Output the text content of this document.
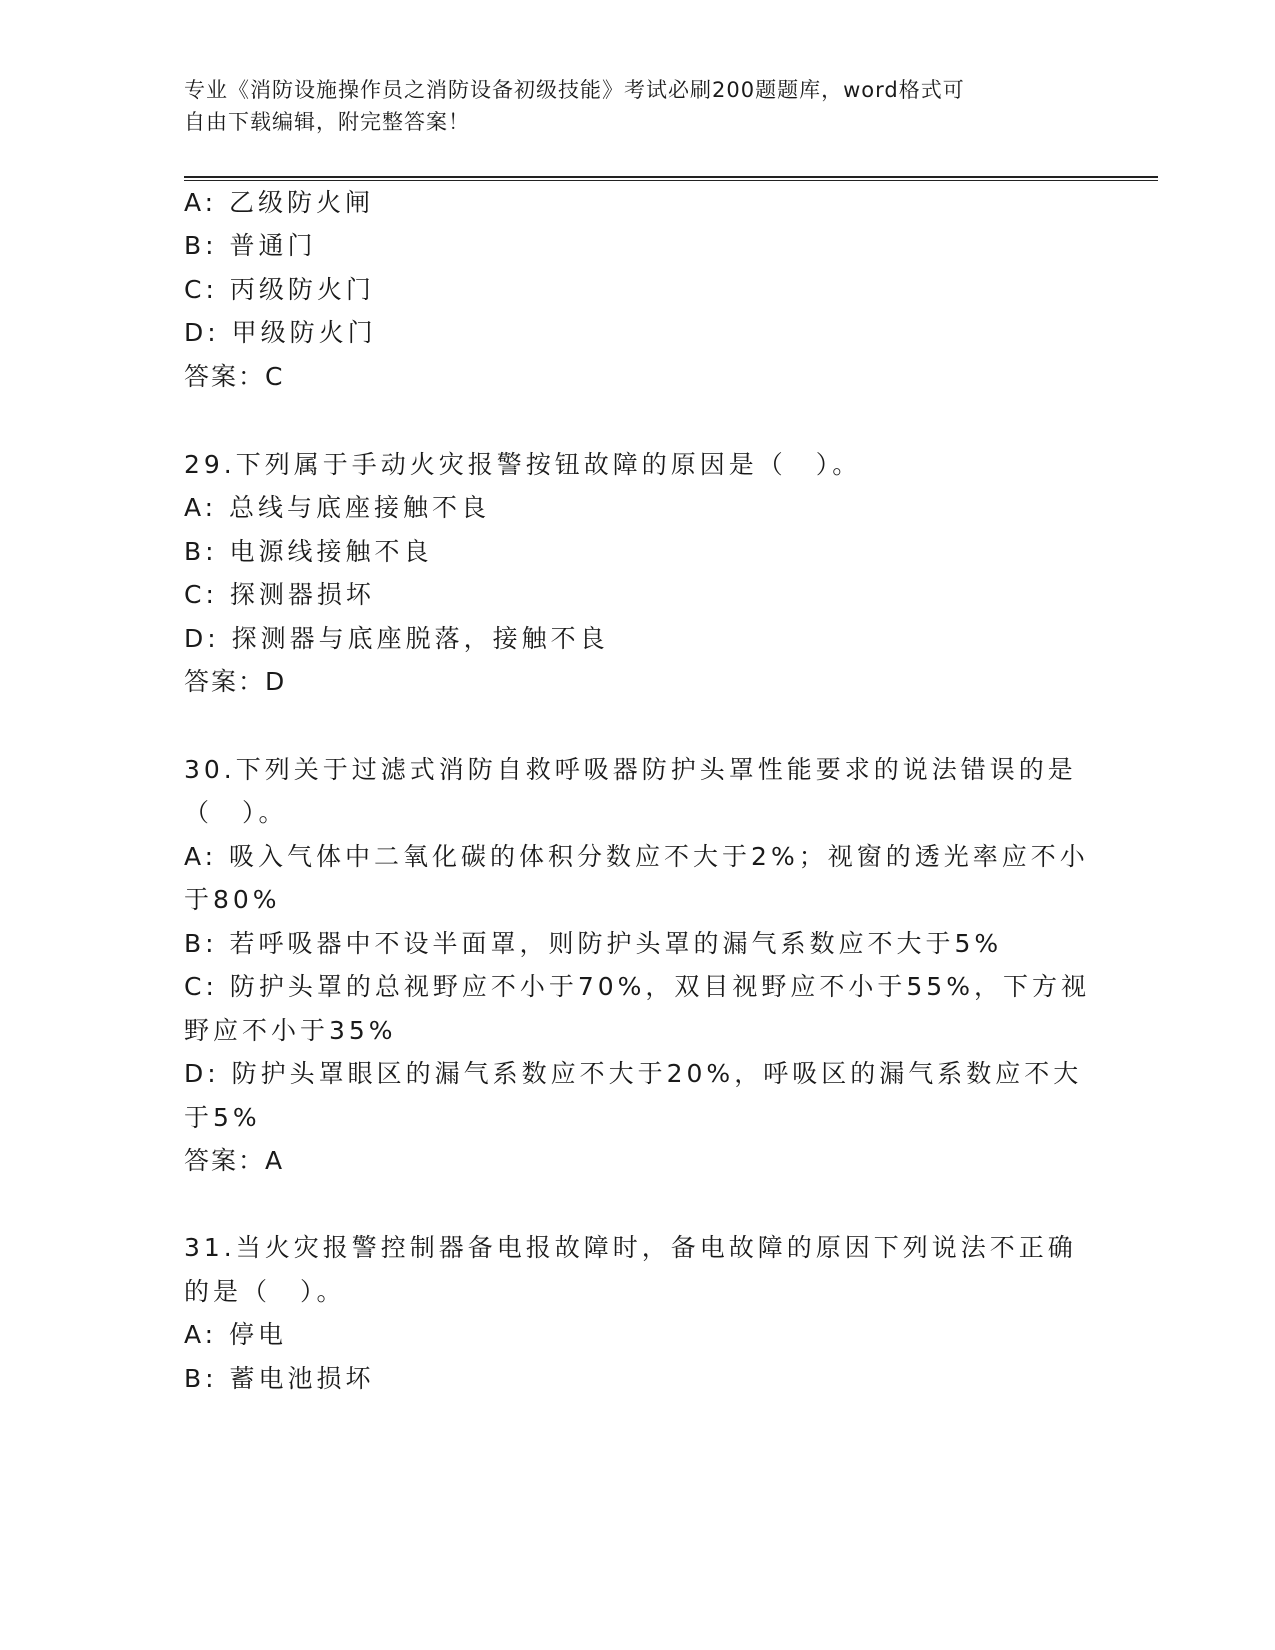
专业《消防设施操作员之消防设备初级技能》考试必刷200题题库，word格式可
自由下载编辑，附完整答案！
A: 乙级防火闸
B: 普通门
C: 丙级防火门
D: 甲级防火门
答案：C
29.下列属于手动火灾报警按钮故障的原因是（　）。
A: 总线与底座接触不良
B: 电源线接触不良
C: 探测器损坏
D: 探测器与底座脱落，接触不良
答案：D
30.下列关于过滤式消防自救呼吸器防护头罩性能要求的说法错误的是
（　）。
A: 吸入气体中二氧化碳的体积分数应不大于2%；视窗的透光率应不小
于80%
B: 若呼吸器中不设半面罩，则防护头罩的漏气系数应不大于5%
C: 防护头罩的总视野应不小于70%，双目视野应不小于55%，下方视
野应不小于35%
D: 防护头罩眼区的漏气系数应不大于20%，呼吸区的漏气系数应不大
于5%
答案：A
31.当火灾报警控制器备电报故障时，备电故障的原因下列说法不正确
的是（　）。
A: 停电
B: 蓄电池损坏
